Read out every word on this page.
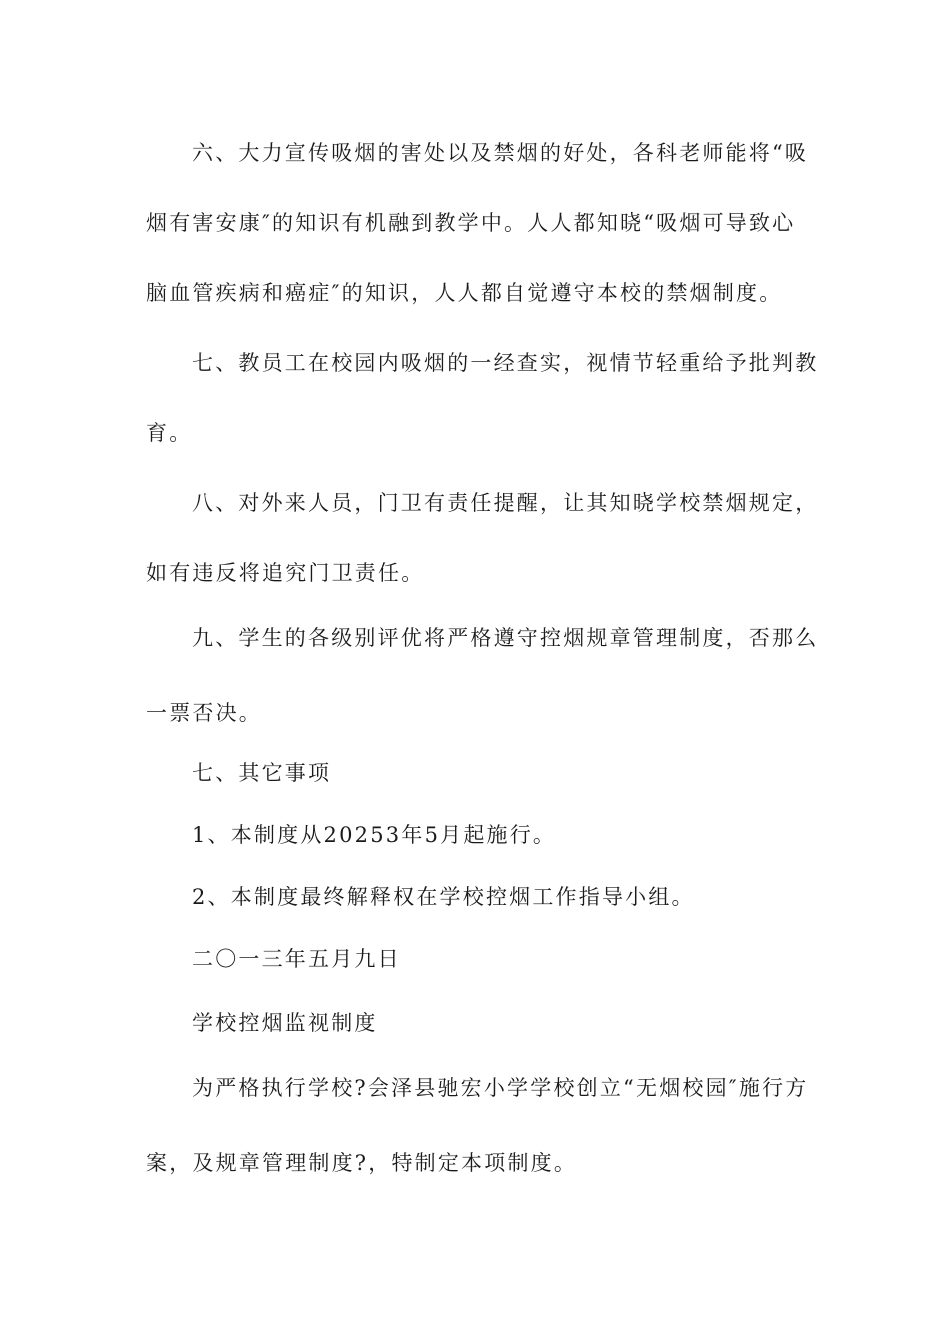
六、大力宣传吸烟的害处以及禁烟的好处，各科老师能将“吸
烟有害安康″的知识有机融到教学中。人人都知晓“吸烟可导致心
脑血管疾病和癌症″的知识，人人都自觉遵守本校的禁烟制度。
七、教员工在校园内吸烟的一经查实，视情节轻重给予批判教
育。
八、对外来人员，门卫有责任提醒，让其知晓学校禁烟规定，
如有违反将追究门卫责任。
九、学生的各级别评优将严格遵守控烟规章管理制度，否那么
一票否决。
七、其它事项
1、本制度从20253年5月起施行。
2、本制度最终解释权在学校控烟工作指导小组。
二〇一三年五月九日
学校控烟监视制度
为严格执行学校?会泽县驰宏小学学校创立“无烟校园″施行方
案，及规章管理制度?，特制定本项制度。
